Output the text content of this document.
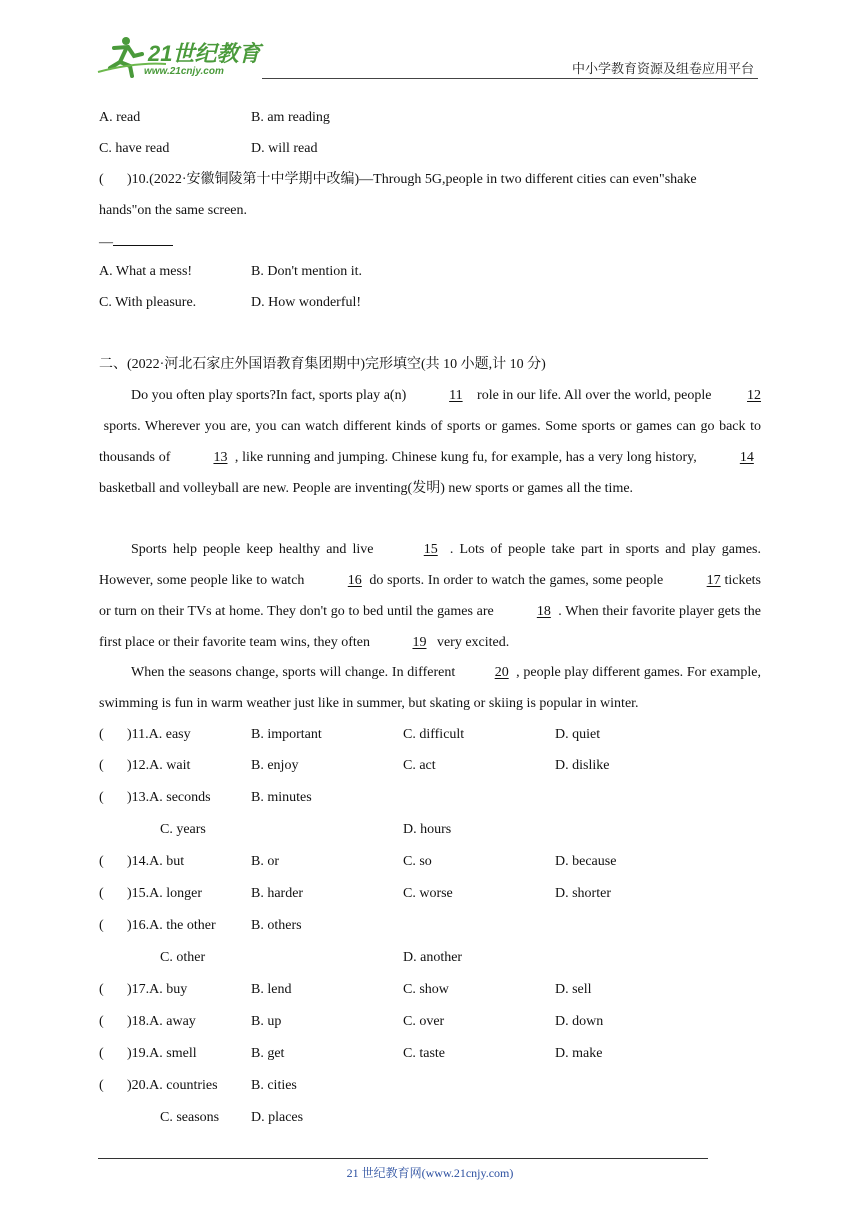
21世纪教育
www.21cnjy.com	中小学教育资源及组卷应用平台
A. read	B. am reading
C. have read	D. will read
( )10.(2022·安徽铜陵第十中学期中改编)—Through 5G,people in two different cities can even"shake
hands"on the same screen.
—
A. What a mess!	B. Don't mention it.
C. With pleasure.	D. How wonderful!
二、(2022·河北石家庄外国语教育集团期中)完形填空(共 10 小题,计 10 分)
Do you often play sports?In fact, sports play a(n)	11    role in our life. All over the world, people 12 sports. Wherever you are, you can watch different kinds of sports or games. Some sports or games can go back to thousands of	13 , like running and jumping. Chinese kung fu, for example, has a very long history,	14   basketball and volleyball are new. People are inventing(发明) new sports or games all the time.
Sports help people keep healthy and live	15 . Lots of people take part in sports and play games. However, some people like to watch	16 do sports. In order to watch the games, some people	17 tickets or turn on their TVs at home. They don't go to bed until the games are	18 . When their favorite player gets the first place or their favorite team wins, they often	19   very excited.
When the seasons change, sports will change. In different	20 , people play different games. For example, swimming is fun in warm weather just like in summer, but skating or skiing is popular in winter.
( )11.A. easy	B. important	C. difficult	D. quiet
( )12.A. wait	B. enjoy	C. act	D. dislike
( )13.A. seconds	B. minutes
C. years	D. hours
( )14.A. but	B. or	C. so	D. because
( )15.A. longer	B. harder	C. worse	D. shorter
( )16.A. the other	B. others
C. other	D. another
( )17.A. buy	B. lend	C. show	D. sell
( )18.A. away	B. up	C. over	D. down
( )19.A. smell	B. get	C. taste	D. make
( )20.A. countries B. cities
C. seasons D. places
21 世纪教育网(www.21cnjy.com)
